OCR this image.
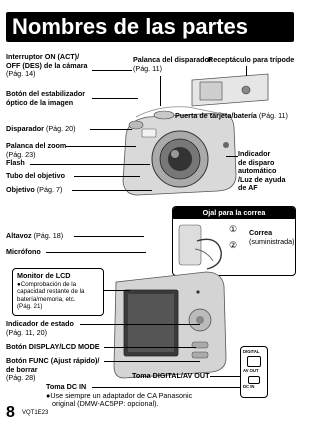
Nombres de las partes
Interruptor ON (ACT)/
OFF (DES) de la cámara
(Pág. 14)
Botón del estabilizador
óptico de la imagen
Disparador (Pág. 20)
Palanca del zoom
(Pág. 23)
Flash
Tubo del objetivo
Objetivo (Pág. 7)
Palanca del disparador
(Pág. 11)
Receptáculo para trípode
Puerta de tarjeta/batería (Pág. 11)
Indicador
de disparo
automático
/Luz de ayuda
de AF
Ojal para la correa
①
②
Correa
(suministrada)
DIGITAL
AV OUT
DC IN
Altavoz (Pág. 18)
Micrófono
Monitor de LCD
●Comprobación de la
capacidad restante de la
batería/memoria, etc.
(Pág. 21)
Indicador de estado
(Pág. 11, 20)
Botón DISPLAY/LCD MODE
Botón FUNC (Ajust rápido)/
de borrar
(Pág. 28)	Toma DIGITAL/AV OUT
Toma DC IN
●Use siempre un adaptador de CA Panasonic
original (DMW-AC5PP: opcional).
8 VQT1E23
